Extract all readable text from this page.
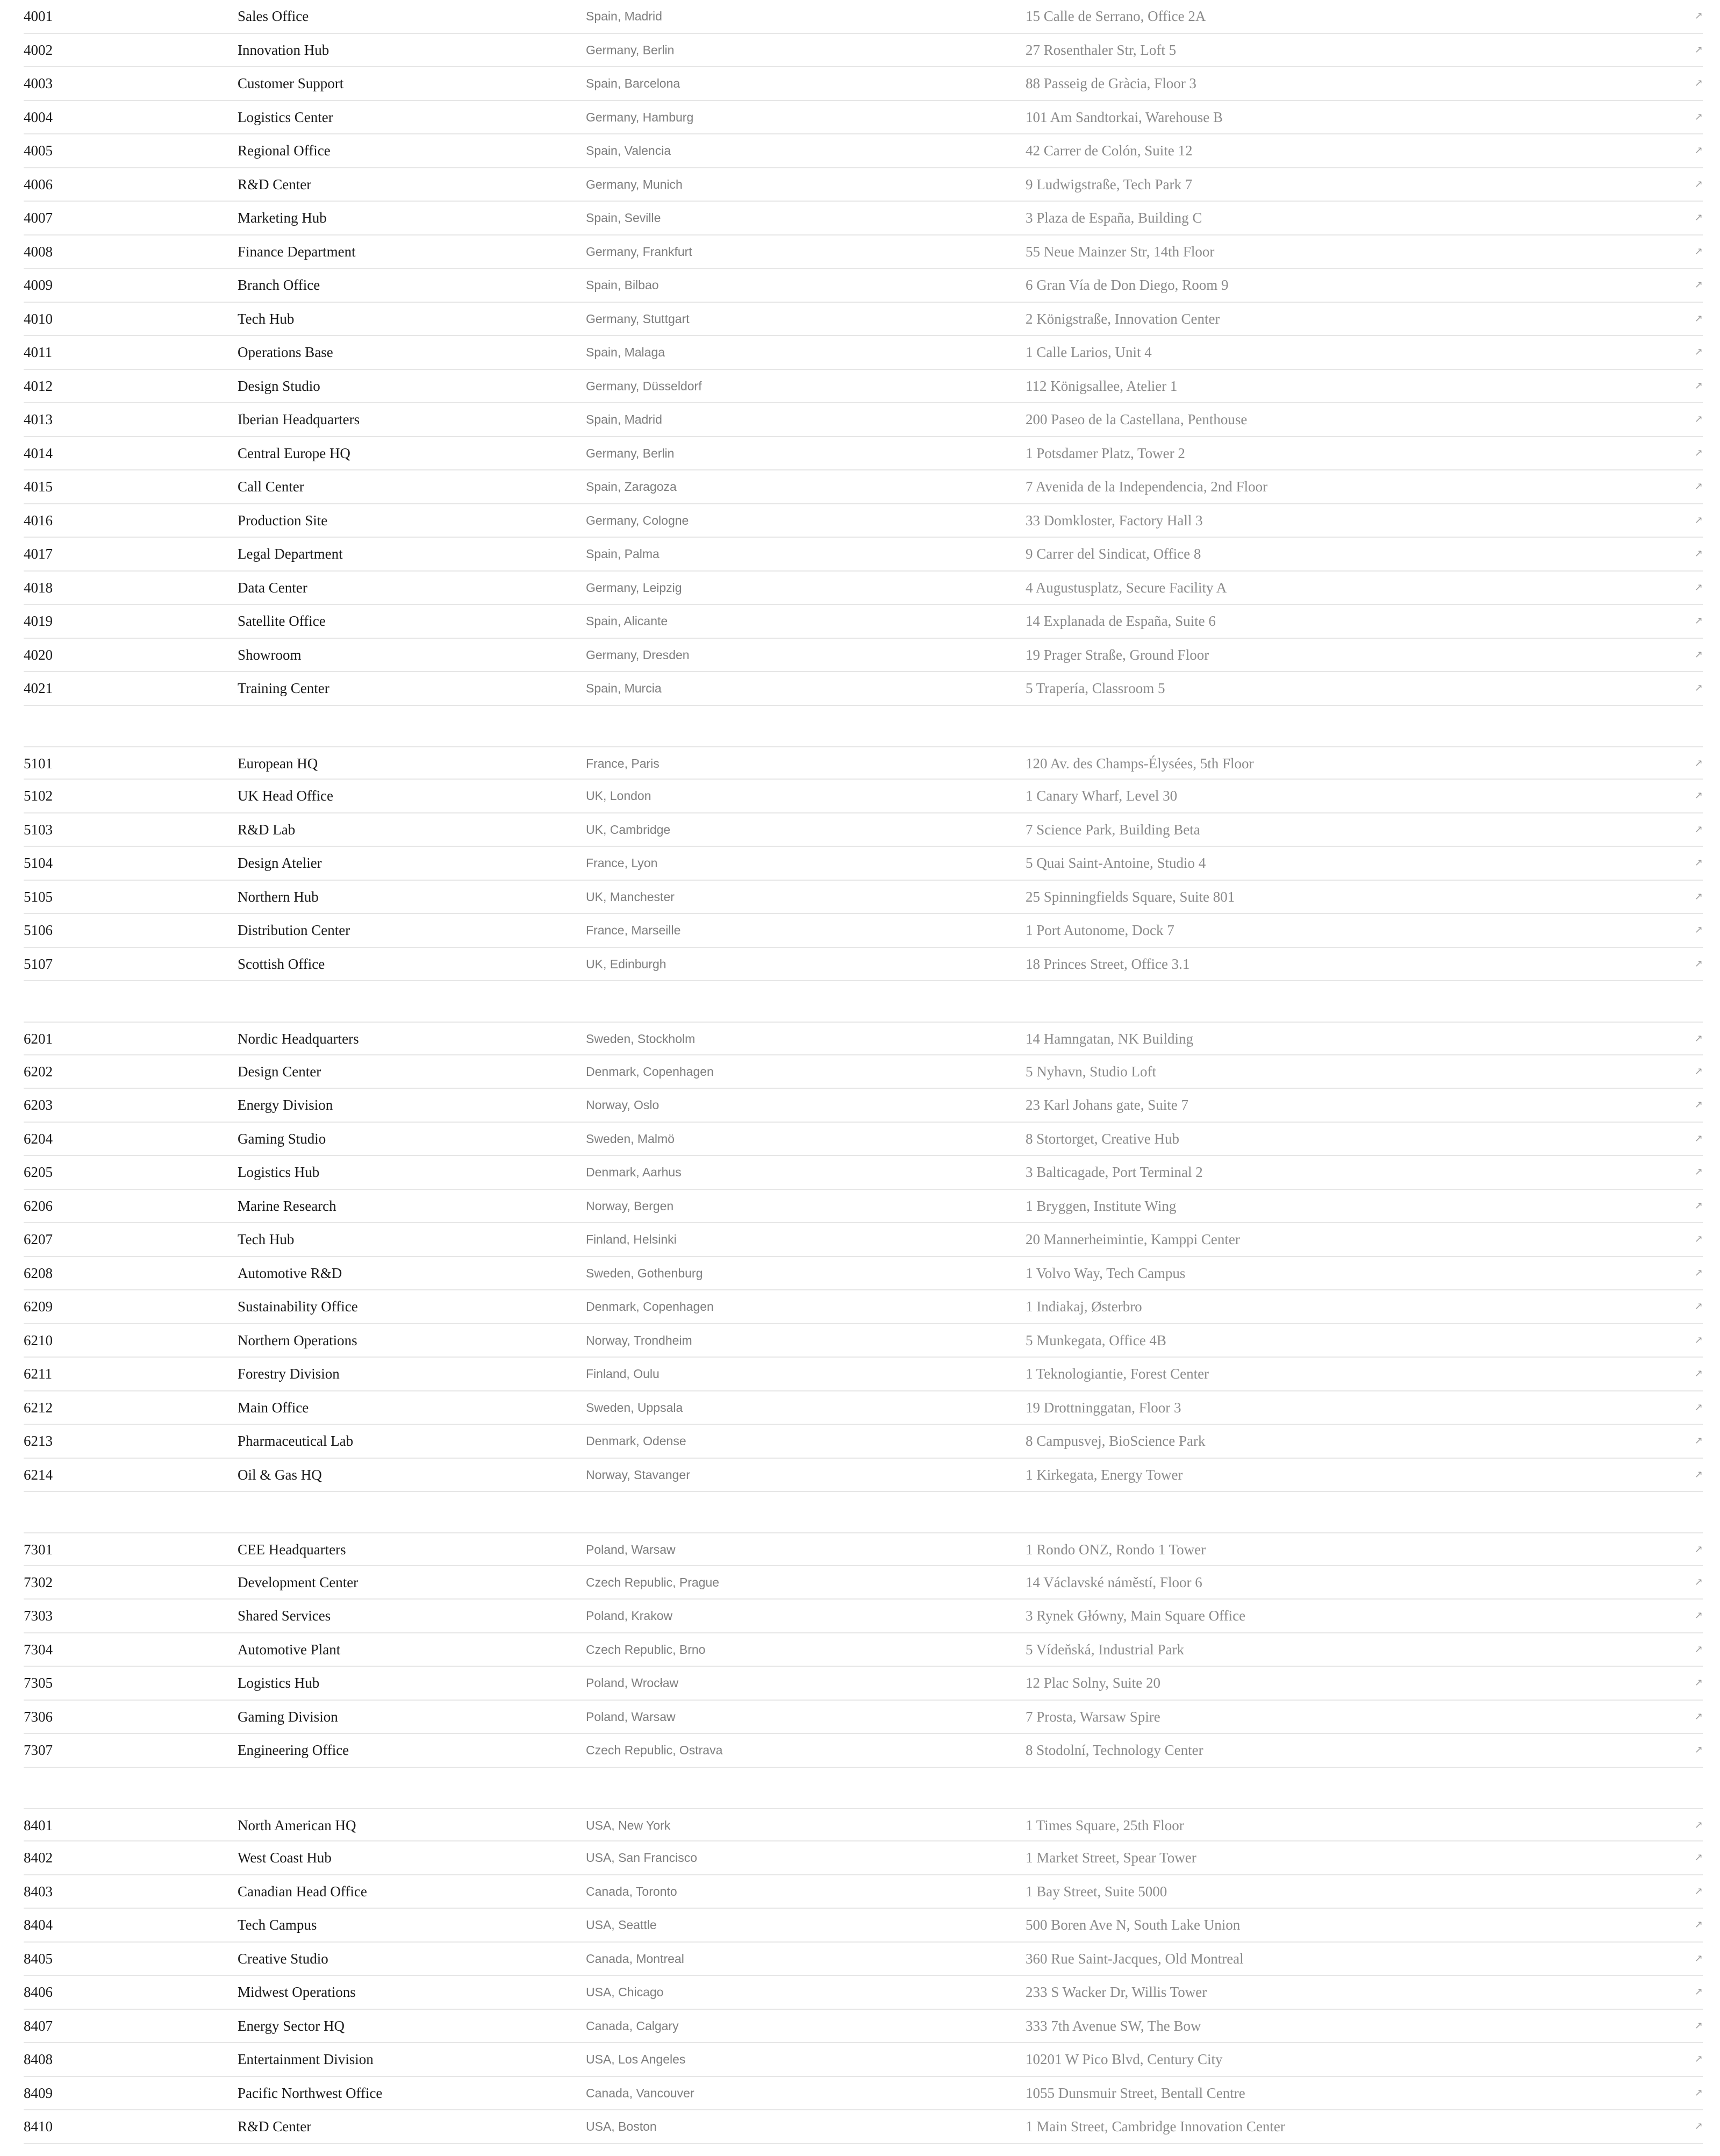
4001	Sales Office	Spain, Madrid	15 Calle de Serrano, Office 2A	↗
4002	Innovation Hub	Germany, Berlin	27 Rosenthaler Str, Loft 5	↗
4003	Customer Support	Spain, Barcelona	88 Passeig de Gràcia, Floor 3	↗
4004	Logistics Center	Germany, Hamburg	101 Am Sandtorkai, Warehouse B	↗
4005	Regional Office	Spain, Valencia	42 Carrer de Colón, Suite 12	↗
4006	R&D Center	Germany, Munich	9 Ludwigstraße, Tech Park 7	↗
4007	Marketing Hub	Spain, Seville	3 Plaza de España, Building C	↗
4008	Finance Department	Germany, Frankfurt	55 Neue Mainzer Str, 14th Floor	↗
4009	Branch Office	Spain, Bilbao	6 Gran Vía de Don Diego, Room 9	↗
4010	Tech Hub	Germany, Stuttgart	2 Königstraße, Innovation Center	↗
4011	Operations Base	Spain, Malaga	1 Calle Larios, Unit 4	↗
4012	Design Studio	Germany, Düsseldorf	112 Königsallee, Atelier 1	↗
4013	Iberian Headquarters	Spain, Madrid	200 Paseo de la Castellana, Penthouse	↗
4014	Central Europe HQ	Germany, Berlin	1 Potsdamer Platz, Tower 2	↗
4015	Call Center	Spain, Zaragoza	7 Avenida de la Independencia, 2nd Floor	↗
4016	Production Site	Germany, Cologne	33 Domkloster, Factory Hall 3	↗
4017	Legal Department	Spain, Palma	9 Carrer del Sindicat, Office 8	↗
4018	Data Center	Germany, Leipzig	4 Augustusplatz, Secure Facility A	↗
4019	Satellite Office	Spain, Alicante	14 Explanada de España, Suite 6	↗
4020	Showroom	Germany, Dresden	19 Prager Straße, Ground Floor	↗
4021	Training Center	Spain, Murcia	5 Trapería, Classroom 5	↗
5101	European HQ	France, Paris	120 Av. des Champs-Élysées, 5th Floor	↗
5102	UK Head Office	UK, London	1 Canary Wharf, Level 30	↗
5103	R&D Lab	UK, Cambridge	7 Science Park, Building Beta	↗
5104	Design Atelier	France, Lyon	5 Quai Saint-Antoine, Studio 4	↗
5105	Northern Hub	UK, Manchester	25 Spinningfields Square, Suite 801	↗
5106	Distribution Center	France, Marseille	1 Port Autonome, Dock 7	↗
5107	Scottish Office	UK, Edinburgh	18 Princes Street, Office 3.1	↗
6201	Nordic Headquarters	Sweden, Stockholm	14 Hamngatan, NK Building	↗
6202	Design Center	Denmark, Copenhagen	5 Nyhavn, Studio Loft	↗
6203	Energy Division	Norway, Oslo	23 Karl Johans gate, Suite 7	↗
6204	Gaming Studio	Sweden, Malmö	8 Stortorget, Creative Hub	↗
6205	Logistics Hub	Denmark, Aarhus	3 Balticagade, Port Terminal 2	↗
6206	Marine Research	Norway, Bergen	1 Bryggen, Institute Wing	↗
6207	Tech Hub	Finland, Helsinki	20 Mannerheimintie, Kamppi Center	↗
6208	Automotive R&D	Sweden, Gothenburg	1 Volvo Way, Tech Campus	↗
6209	Sustainability Office	Denmark, Copenhagen	1 Indiakaj, Østerbro	↗
6210	Northern Operations	Norway, Trondheim	5 Munkegata, Office 4B	↗
6211	Forestry Division	Finland, Oulu	1 Teknologiantie, Forest Center	↗
6212	Main Office	Sweden, Uppsala	19 Drottninggatan, Floor 3	↗
6213	Pharmaceutical Lab	Denmark, Odense	8 Campusvej, BioScience Park	↗
6214	Oil & Gas HQ	Norway, Stavanger	1 Kirkegata, Energy Tower	↗
7301	CEE Headquarters	Poland, Warsaw	1 Rondo ONZ, Rondo 1 Tower	↗
7302	Development Center	Czech Republic, Prague	14 Václavské náměstí, Floor 6	↗
7303	Shared Services	Poland, Krakow	3 Rynek Główny, Main Square Office	↗
7304	Automotive Plant	Czech Republic, Brno	5 Vídeňská, Industrial Park	↗
7305	Logistics Hub	Poland, Wrocław	12 Plac Solny, Suite 20	↗
7306	Gaming Division	Poland, Warsaw	7 Prosta, Warsaw Spire	↗
7307	Engineering Office	Czech Republic, Ostrava	8 Stodolní, Technology Center	↗
8401	North American HQ	USA, New York	1 Times Square, 25th Floor	↗
8402	West Coast Hub	USA, San Francisco	1 Market Street, Spear Tower	↗
8403	Canadian Head Office	Canada, Toronto	1 Bay Street, Suite 5000	↗
8404	Tech Campus	USA, Seattle	500 Boren Ave N, South Lake Union	↗
8405	Creative Studio	Canada, Montreal	360 Rue Saint-Jacques, Old Montreal	↗
8406	Midwest Operations	USA, Chicago	233 S Wacker Dr, Willis Tower	↗
8407	Energy Sector HQ	Canada, Calgary	333 7th Avenue SW, The Bow	↗
8408	Entertainment Division	USA, Los Angeles	10201 W Pico Blvd, Century City	↗
8409	Pacific Northwest Office	Canada, Vancouver	1055 Dunsmuir Street, Bentall Centre	↗
8410	R&D Center	USA, Boston	1 Main Street, Cambridge Innovation Center	↗
